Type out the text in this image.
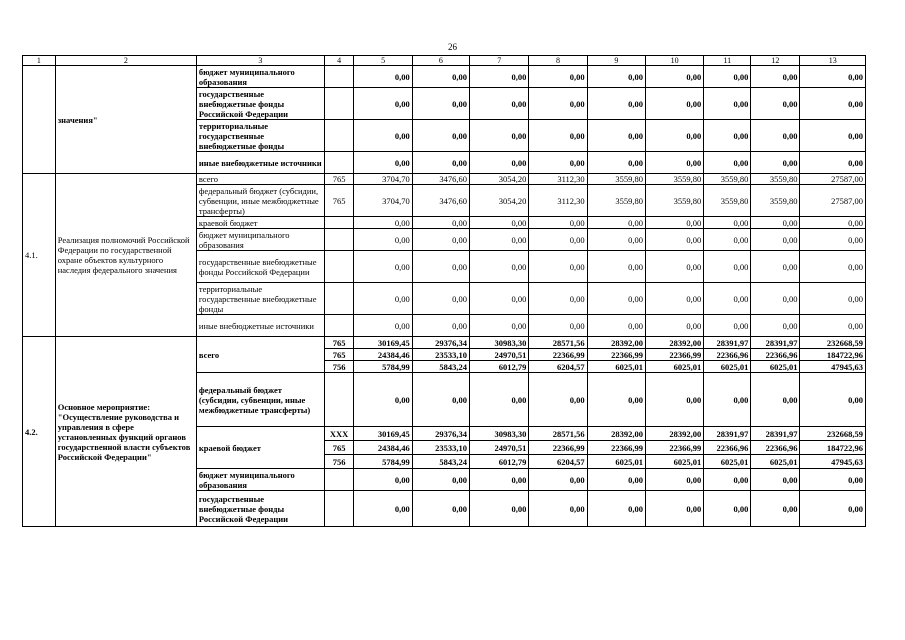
26
1	2	3	4	5	6	7	8	9	10	11	12	13
	значения"	бюджет муниципального образования		0,00	0,00	0,00	0,00	0,00	0,00	0,00	0,00	0,00
		государственные внебюджетные фонды Российской Федерации		0,00	0,00	0,00	0,00	0,00	0,00	0,00	0,00	0,00
		территориальные государственные внебюджетные фонды		0,00	0,00	0,00	0,00	0,00	0,00	0,00	0,00	0,00
		иные внебюджетные источники		0,00	0,00	0,00	0,00	0,00	0,00	0,00	0,00	0,00
4.1.	Реализация полномочий Российской Федерации по государственной охране объектов культурного наследия федерального значения	всего	765	3704,70	3476,60	3054,20	3112,30	3559,80	3559,80	3559,80	3559,80	27587,00
		федеральный бюджет (субсидии, субвенции, иные межбюджетные трансферты)	765	3704,70	3476,60	3054,20	3112,30	3559,80	3559,80	3559,80	3559,80	27587,00
		краевой бюджет		0,00	0,00	0,00	0,00	0,00	0,00	0,00	0,00	0,00
		бюджет муниципального образования		0,00	0,00	0,00	0,00	0,00	0,00	0,00	0,00	0,00
		государственные внебюджетные фонды Российской Федерации		0,00	0,00	0,00	0,00	0,00	0,00	0,00	0,00	0,00
		территориальные государственные внебюджетные фонды		0,00	0,00	0,00	0,00	0,00	0,00	0,00	0,00	0,00
		иные внебюджетные источники		0,00	0,00	0,00	0,00	0,00	0,00	0,00	0,00	0,00
4.2.	Основное мероприятие: "Осуществление руководства и управления в сфере установленных функций органов государственной власти субъектов Российской Федерации"	всего	765	30169,45	29376,34	30983,30	28571,56	28392,00	28392,00	28391,97	28391,97	232668,59
			765	24384,46	23533,10	24970,51	22366,99	22366,99	22366,99	22366,96	22366,96	184722,96
			756	5784,99	5843,24	6012,79	6204,57	6025,01	6025,01	6025,01	6025,01	47945,63
		федеральный бюджет (субсидии, субвенции, иные межбюджетные трансферты)		0,00	0,00	0,00	0,00	0,00	0,00	0,00	0,00	0,00
		краевой бюджет	XXX	30169,45	29376,34	30983,30	28571,56	28392,00	28392,00	28391,97	28391,97	232668,59
			765	24384,46	23533,10	24970,51	22366,99	22366,99	22366,99	22366,96	22366,96	184722,96
			756	5784,99	5843,24	6012,79	6204,57	6025,01	6025,01	6025,01	6025,01	47945,63
		бюджет муниципального образования		0,00	0,00	0,00	0,00	0,00	0,00	0,00	0,00	0,00
		государственные внебюджетные фонды Российской Федерации		0,00	0,00	0,00	0,00	0,00	0,00	0,00	0,00	0,00
